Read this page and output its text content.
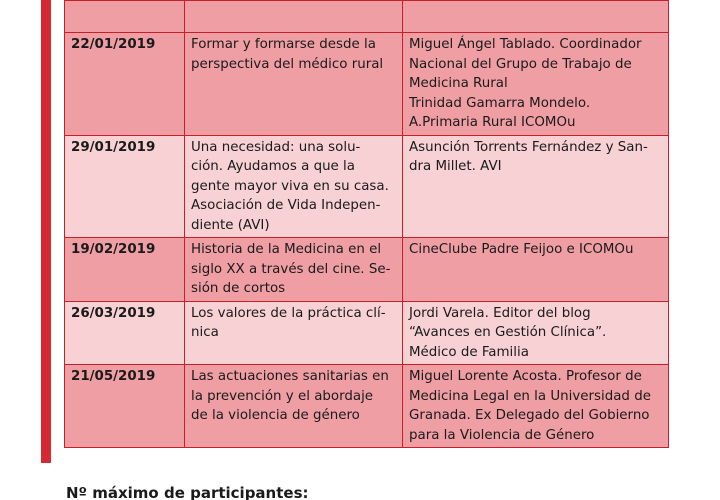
22/01/2019	Formar y formarse desde la
perspectiva del médico rural	Miguel Ángel Tablado. Coordinador
Nacional del Grupo de Trabajo de
Medicina Rural
Trinidad Gamarra Mondelo.
A.Primaria Rural ICOMOu

29/01/2019	Una necesidad: una solu-
ción. Ayudamos a que la
gente mayor viva en su casa.
Asociación de Vida Indepen-
diente (AVI)	Asunción Torrents Fernández y San-
dra Millet. AVI

19/02/2019	Historia de la Medicina en el
siglo XX a través del cine. Se-
sión de cortos	CineClube Padre Feijoo e ICOMOu

26/03/2019	Los valores de la práctica clí-
nica	Jordi Varela. Editor del blog
“Avances en Gestión Clínica”.
Médico de Familia

21/05/2019	Las actuaciones sanitarias en
la prevención y el abordaje
de la violencia de género	Miguel Lorente Acosta. Profesor de
Medicina Legal en la Universidad de
Granada. Ex Delegado del Gobierno
para la Violencia de Género
Nº máximo de participantes:
